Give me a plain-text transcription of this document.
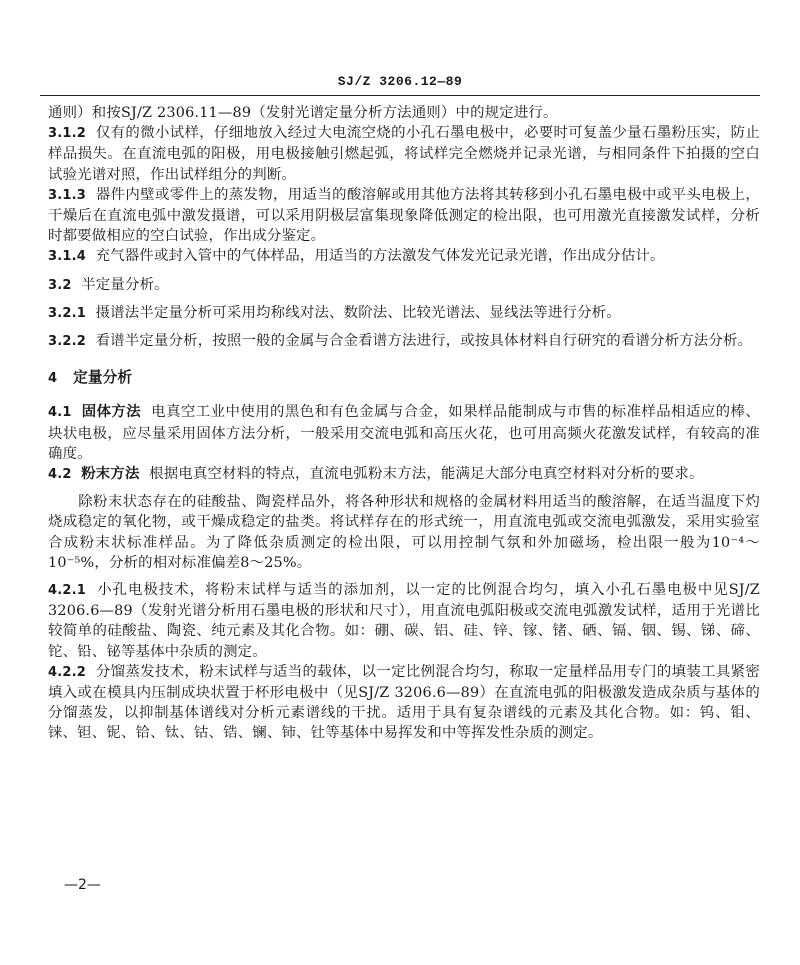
SJ/Z 3206.12—89

通则）和按SJ/Z 2306.11—89（发射光谱定量分析方法通则）中的规定进行。

3.1.2 仅有的微小试样，仔细地放入经过大电流空烧的小孔石墨电极中，必要时可复盖少量石墨粉压实，防止样品损失。在直流电弧的阳极，用电极接触引燃起弧，将试样完全燃烧并记录光谱，与相同条件下拍摄的空白试验光谱对照，作出试样组分的判断。

3.1.3 器件内壁或零件上的蒸发物，用适当的酸溶解或用其他方法将其转移到小孔石墨电极中或平头电极上，干燥后在直流电弧中激发摄谱，可以采用阴极层富集现象降低测定的检出限，也可用激光直接激发试样，分析时都要做相应的空白试验，作出成分鉴定。

3.1.4 充气器件或封入管中的气体样品，用适当的方法激发气体发光记录光谱，作出成分估计。

3.2 半定量分析。

3.2.1 摄谱法半定量分析可采用均称线对法、数阶法、比较光谱法、显线法等进行分析。

3.2.2 看谱半定量分析，按照一般的金属与合金看谱方法进行，或按具体材料自行研究的看谱分析方法分析。

4 定量分析

4.1 固体方法 电真空工业中使用的黑色和有色金属与合金，如果样品能制成与市售的标准样品相适应的棒、块状电极，应尽量采用固体方法分析，一般采用交流电弧和高压火花，也可用高频火花激发试样，有较高的准确度。

4.2 粉末方法 根据电真空材料的特点，直流电弧粉末方法，能满足大部分电真空材料对分析的要求。

除粉末状态存在的硅酸盐、陶瓷样品外，将各种形状和规格的金属材料用适当的酸溶解，在适当温度下灼烧成稳定的氧化物，或干燥成稳定的盐类。将试样存在的形式统一，用直流电弧或交流电弧激发，采用实验室合成粉末状标准样品。为了降低杂质测定的检出限，可以用控制气氛和外加磁场，检出限一般为10⁻⁴～10⁻⁵%，分析的相对标准偏差8～25%。

4.2.1 小孔电极技术，将粉末试样与适当的添加剂，以一定的比例混合均匀，填入小孔石墨电极中见SJ/Z 3206.6—89（发射光谱分析用石墨电极的形状和尺寸），用直流电弧阳极或交流电弧激发试样，适用于光谱比较简单的硅酸盐、陶瓷、纯元素及其化合物。如：硼、碳、铝、硅、锌、镓、锗、硒、镉、铟、锡、锑、碲、铊、铅、铋等基体中杂质的测定。

4.2.2 分馏蒸发技术，粉末试样与适当的载体，以一定比例混合均匀，称取一定量样品用专门的填装工具紧密填入或在模具内压制成块状置于杯形电极中（见SJ/Z 3206.6—89）在直流电弧的阳极激发造成杂质与基体的分馏蒸发，以抑制基体谱线对分析元素谱线的干扰。适用于具有复杂谱线的元素及其化合物。如：钨、钼、铼、钽、铌、铪、钛、钴、锆、镧、铈、钍等基体中易挥发和中等挥发性杂质的测定。

—2—
